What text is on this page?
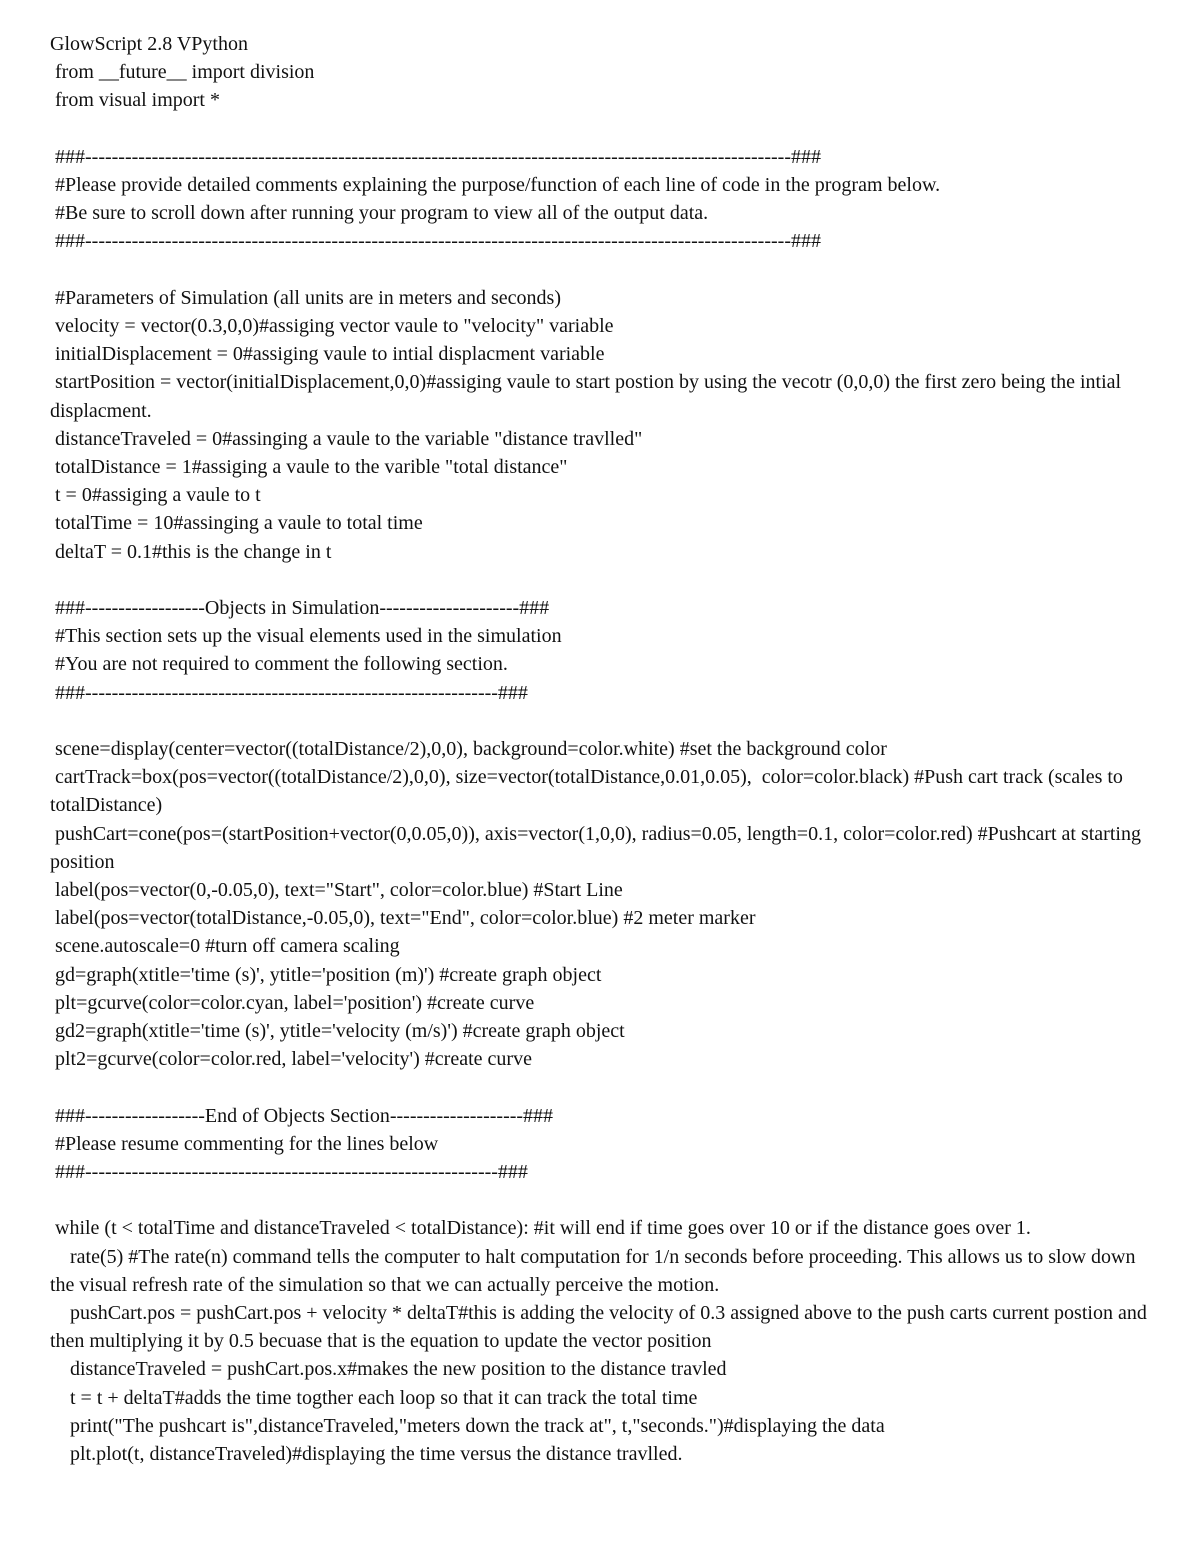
GlowScript 2.8 VPython
from __future__ import division
from visual import *
###----------------------------------------------------------------------------------------------------------###
#Please provide detailed comments explaining the purpose/function of each line of code in the program below.
#Be sure to scroll down after running your program to view all of the output data.
###----------------------------------------------------------------------------------------------------------###
#Parameters of Simulation (all units are in meters and seconds)
velocity = vector(0.3,0,0)#assiging vector vaule to "velocity" variable
initialDisplacement = 0#assiging vaule to intial displacment variable
startPosition = vector(initialDisplacement,0,0)#assiging vaule to start postion by using the vecotr (0,0,0) the first zero being the intial displacment.
distanceTraveled = 0#assinging a vaule to the variable "distance travlled"
totalDistance = 1#assiging a vaule to the varible "total distance"
t = 0#assiging a vaule to t
totalTime = 10#assinging a vaule to total time
deltaT = 0.1#this is the change in t
###------------------Objects in Simulation---------------------###
#This section sets up the visual elements used in the simulation
#You are not required to comment the following section.
###--------------------------------------------------------------###
scene=display(center=vector((totalDistance/2),0,0), background=color.white) #set the background color
cartTrack=box(pos=vector((totalDistance/2),0,0), size=vector(totalDistance,0.01,0.05),  color=color.black) #Push cart track (scales to totalDistance)
pushCart=cone(pos=(startPosition+vector(0,0.05,0)), axis=vector(1,0,0), radius=0.05, length=0.1, color=color.red) #Pushcart at starting position
label(pos=vector(0,-0.05,0), text="Start", color=color.blue) #Start Line
label(pos=vector(totalDistance,-0.05,0), text="End", color=color.blue) #2 meter marker
scene.autoscale=0 #turn off camera scaling
gd=graph(xtitle='time (s)', ytitle='position (m)') #create graph object
plt=gcurve(color=color.cyan, label='position') #create curve
gd2=graph(xtitle='time (s)', ytitle='velocity (m/s)') #create graph object
plt2=gcurve(color=color.red, label='velocity') #create curve
###------------------End of Objects Section--------------------###
#Please resume commenting for the lines below
###--------------------------------------------------------------###
while (t < totalTime and distanceTraveled < totalDistance): #it will end if time goes over 10 or if the distance goes over 1.
rate(5) #The rate(n) command tells the computer to halt computation for 1/n seconds before proceeding. This allows us to slow down the visual refresh rate of the simulation so that we can actually perceive the motion.
pushCart.pos = pushCart.pos + velocity * deltaT#this is adding the velocity of 0.3 assigned above to the push carts current postion and then multiplying it by 0.5 becuase that is the equation to update the vector position
distanceTraveled = pushCart.pos.x#makes the new position to the distance travled
t = t + deltaT#adds the time togther each loop so that it can track the total time
print("The pushcart is",distanceTraveled,"meters down the track at", t,"seconds.")#displaying the data
plt.plot(t, distanceTraveled)#displaying the time versus the distance travlled.
